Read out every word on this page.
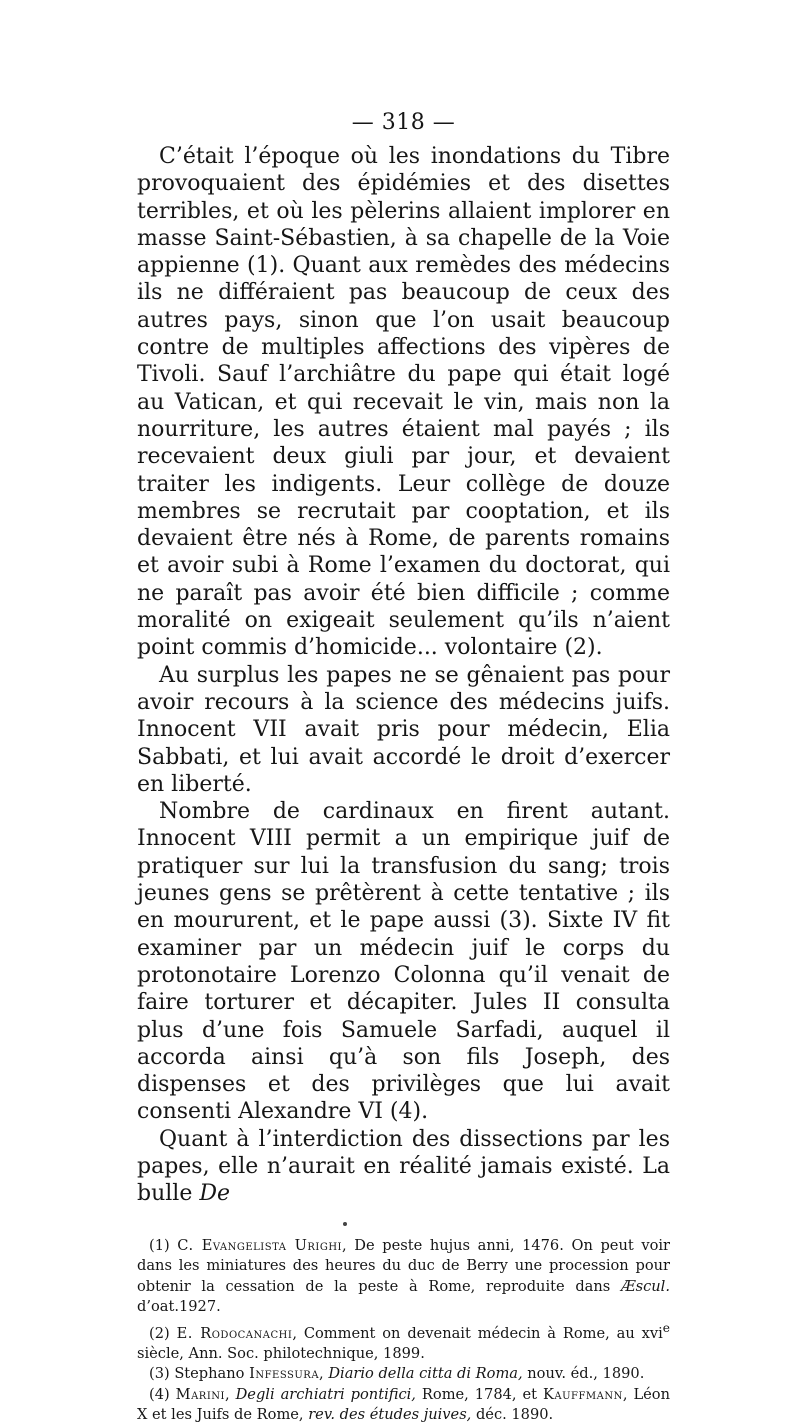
— 318 —
C’était l’époque où les inondations du Tibre provoquaient des épidémies et des disettes terribles, et où les pèlerins allaient implorer en masse Saint-Sébastien, à sa chapelle de la Voie appienne (1). Quant aux remèdes des médecins ils ne différaient pas beaucoup de ceux des autres pays, sinon que l’on usait beaucoup contre de multiples affections des vipères de Tivoli. Sauf l’archiâtre du pape qui était logé au Vatican, et qui recevait le vin, mais non la nourriture, les autres étaient mal payés ; ils recevaient deux giuli par jour, et devaient traiter les indigents. Leur collège de douze membres se recrutait par cooptation, et ils devaient être nés à Rome, de parents romains et avoir subi à Rome l’examen du doctorat, qui ne paraît pas avoir été bien difficile ; comme moralité on exigeait seulement qu’ils n’aient point commis d’homicide... volontaire (2).
Au surplus les papes ne se gênaient pas pour avoir recours à la science des médecins juifs. Innocent VII avait pris pour médecin, Elia Sabbati, et lui avait accordé le droit d’exercer en liberté.
Nombre de cardinaux en firent autant. Innocent VIII permit a un empirique juif de pratiquer sur lui la transfusion du sang; trois jeunes gens se prêtèrent à cette tentative ; ils en moururent, et le pape aussi (3). Sixte IV fit examiner par un médecin juif le corps du protonotaire Lorenzo Colonna qu’il venait de faire torturer et décapiter. Jules II consulta plus d’une fois Samuele Sarfadi, auquel il accorda ainsi qu’à son fils Joseph, des dispenses et des privilèges que lui avait consenti Alexandre VI (4).
Quant à l’interdiction des dissections par les papes, elle n’aurait en réalité jamais existé. La bulle De
(1) C. Evangelista Urighi, De peste hujus anni, 1476. On peut voir dans les miniatures des heures du duc de Berry une procession pour obtenir la cessation de la peste à Rome, reproduite dans Æscul. d’oat.1927.
(2) E. Rodocanachi, Comment on devenait médecin à Rome, au xvi$^e$ siècle, Ann. Soc. philotechnique, 1899.
(3) Stephano Infessura, Diario della citta di Roma, nouv. éd., 1890.
(4) Marini, Degli archiatri pontifici, Rome, 1784, et Kauffmann, Léon X et les Juifs de Rome, rev. des études juives, déc. 1890.
